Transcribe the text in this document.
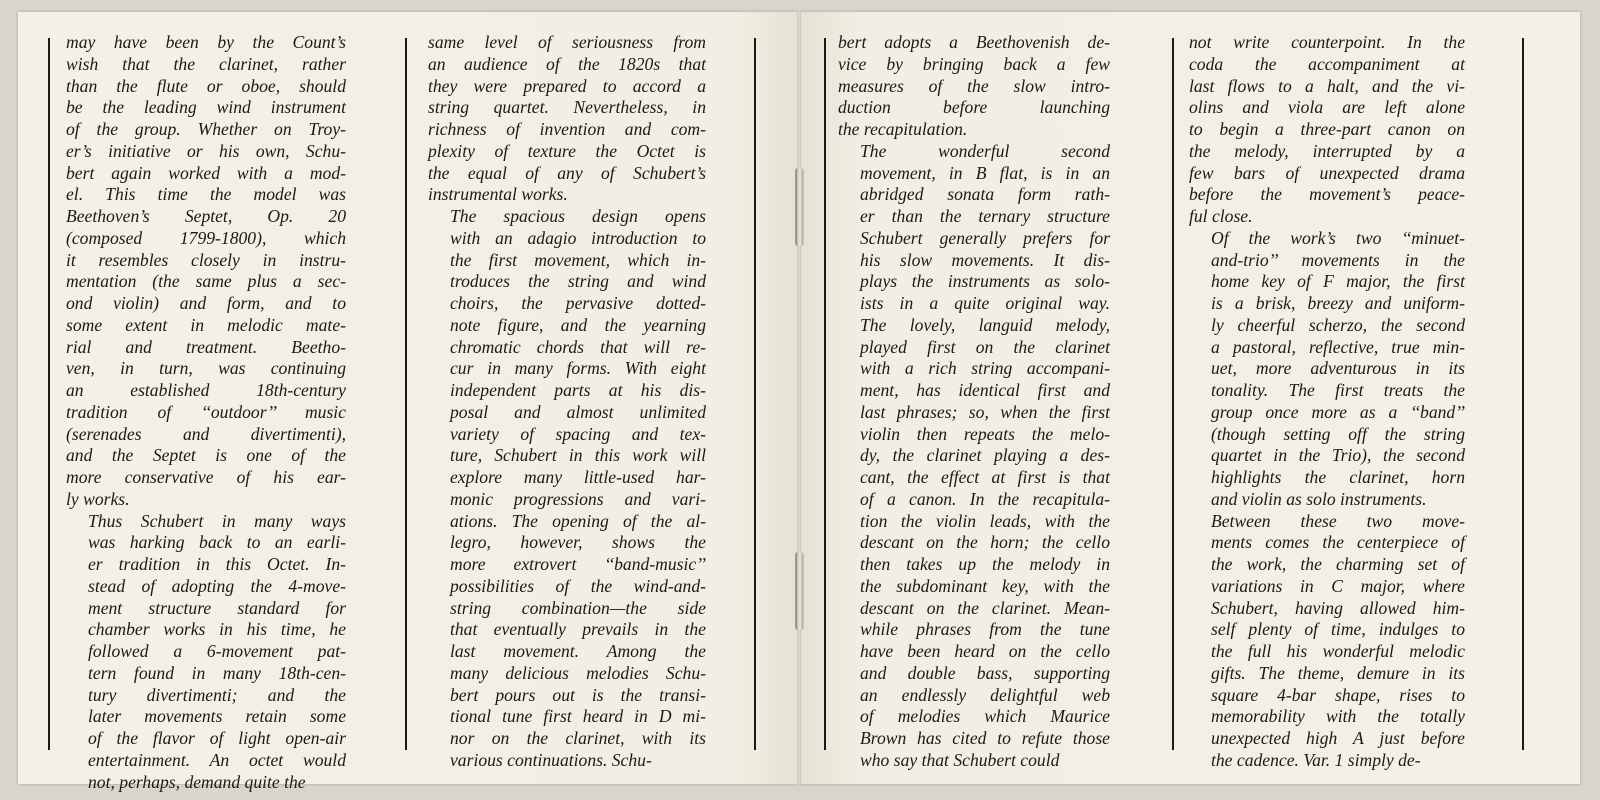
may have been by the Count’s
wish that the clarinet, rather
than the flute or oboe, should
be the leading wind instrument
of the group. Whether on Troy-
er’s initiative or his own, Schu-
bert again worked with a mod-
el. This time the model was
Beethoven’s Septet, Op. 20
(composed 1799-1800), which
it resembles closely in instru-
mentation (the same plus a sec-
ond violin) and form, and to
some extent in melodic mate-
rial and treatment. Beetho-
ven, in turn, was continuing
an established 18th-century
tradition of ‘‘outdoor’’ music
(serenades and divertimenti),
and the Septet is one of the
more conservative of his ear-
ly works.

Thus Schubert in many ways
was harking back to an earli-
er tradition in this Octet. In-
stead of adopting the 4-move-
ment structure standard for
chamber works in his time, he
followed a 6-movement pat-
tern found in many 18th-cen-
tury divertimenti; and the
later movements retain some
of the flavor of light open-air
entertainment. An octet would
not, perhaps, demand quite the

same level of seriousness from
an audience of the 1820s that
they were prepared to accord a
string quartet. Nevertheless, in
richness of invention and com-
plexity of texture the Octet is
the equal of any of Schubert’s
instrumental works.

The spacious design opens
with an adagio introduction to
the first movement, which in-
troduces the string and wind
choirs, the pervasive dotted-
note figure, and the yearning
chromatic chords that will re-
cur in many forms. With eight
independent parts at his dis-
posal and almost unlimited
variety of spacing and tex-
ture, Schubert in this work will
explore many little-used har-
monic progressions and vari-
ations. The opening of the al-
legro, however, shows the
more extrovert ‘‘band-music’’
possibilities of the wind-and-
string combination—the side
that eventually prevails in the
last movement. Among the
many delicious melodies Schu-
bert pours out is the transi-
tional tune first heard in D mi-
nor on the clarinet, with its
various continuations. Schu-

bert adopts a Beethovenish de-
vice by bringing back a few
measures of the slow intro-
duction before launching
the recapitulation.

The wonderful second
movement, in B flat, is in an
abridged sonata form rath-
er than the ternary structure
Schubert generally prefers for
his slow movements. It dis-
plays the instruments as solo-
ists in a quite original way.
The lovely, languid melody,
played first on the clarinet
with a rich string accompani-
ment, has identical first and
last phrases; so, when the first
violin then repeats the melo-
dy, the clarinet playing a des-
cant, the effect at first is that
of a canon. In the recapitula-
tion the violin leads, with the
descant on the horn; the cello
then takes up the melody in
the subdominant key, with the
descant on the clarinet. Mean-
while phrases from the tune
have been heard on the cello
and double bass, supporting
an endlessly delightful web
of melodies which Maurice
Brown has cited to refute those
who say that Schubert could

not write counterpoint. In the
coda the accompaniment at
last flows to a halt, and the vi-
olins and viola are left alone
to begin a three-part canon on
the melody, interrupted by a
few bars of unexpected drama
before the movement’s peace-
ful close.

Of the work’s two ‘‘minuet-
and-trio’’ movements in the
home key of F major, the first
is a brisk, breezy and uniform-
ly cheerful scherzo, the second
a pastoral, reflective, true min-
uet, more adventurous in its
tonality. The first treats the
group once more as a ‘‘band’’
(though setting off the string
quartet in the Trio), the second
highlights the clarinet, horn
and violin as solo instruments.

Between these two move-
ments comes the centerpiece of
the work, the charming set of
variations in C major, where
Schubert, having allowed him-
self plenty of time, indulges to
the full his wonderful melodic
gifts. The theme, demure in its
square 4-bar shape, rises to
memorability with the totally
unexpected high A just before
the cadence. Var. 1 simply de-
